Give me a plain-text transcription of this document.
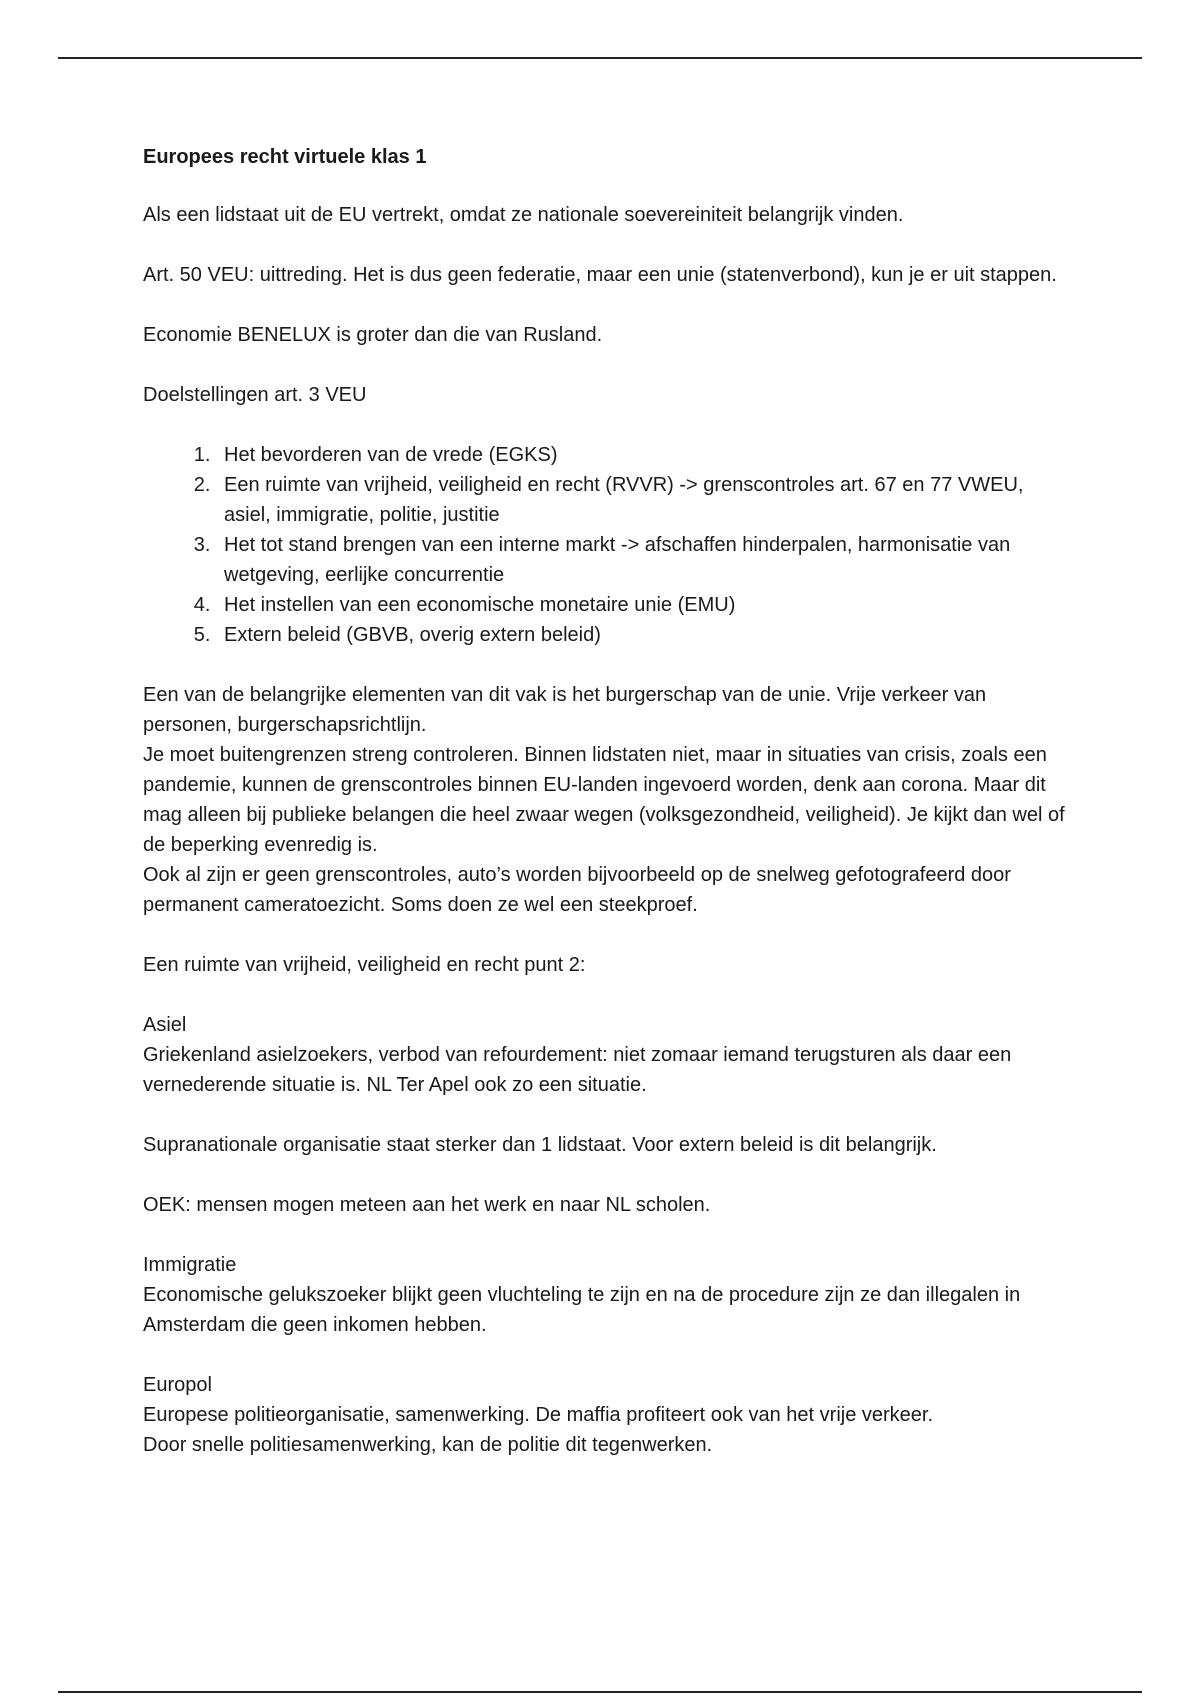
Europees recht virtuele klas 1

Als een lidstaat uit de EU vertrekt, omdat ze nationale soevereiniteit belangrijk vinden.

Art. 50 VEU: uittreding. Het is dus geen federatie, maar een unie (statenverbond), kun je er uit stappen.

Economie BENELUX is groter dan die van Rusland.

Doelstellingen art. 3 VEU

1. Het bevorderen van de vrede (EGKS)
2. Een ruimte van vrijheid, veiligheid en recht (RVVR) -> grenscontroles art. 67 en 77 VWEU, asiel, immigratie, politie, justitie
3. Het tot stand brengen van een interne markt -> afschaffen hinderpalen, harmonisatie van wetgeving, eerlijke concurrentie
4. Het instellen van een economische monetaire unie (EMU)
5. Extern beleid (GBVB, overig extern beleid)

Een van de belangrijke elementen van dit vak is het burgerschap van de unie. Vrije verkeer van personen, burgerschapsrichtlijn.

Je moet buitengrenzen streng controleren. Binnen lidstaten niet, maar in situaties van crisis, zoals een pandemie, kunnen de grenscontroles binnen EU-landen ingevoerd worden, denk aan corona. Maar dit mag alleen bij publieke belangen die heel zwaar wegen (volksgezondheid, veiligheid). Je kijkt dan wel of de beperking evenredig is.

Ook al zijn er geen grenscontroles, auto’s worden bijvoorbeeld op de snelweg gefotografeerd door permanent cameratoezicht. Soms doen ze wel een steekproef.

Een ruimte van vrijheid, veiligheid en recht punt 2:

Asiel

Griekenland asielzoekers, verbod van refourdement: niet zomaar iemand terugsturen als daar een vernederende situatie is. NL Ter Apel ook zo een situatie.

Supranationale organisatie staat sterker dan 1 lidstaat. Voor extern beleid is dit belangrijk.

OEK: mensen mogen meteen aan het werk en naar NL scholen.

Immigratie

Economische gelukszoeker blijkt geen vluchteling te zijn en na de procedure zijn ze dan illegalen in Amsterdam die geen inkomen hebben.

Europol

Europese politieorganisatie, samenwerking. De maffia profiteert ook van het vrije verkeer.

Door snelle politiesamenwerking, kan de politie dit tegenwerken.
